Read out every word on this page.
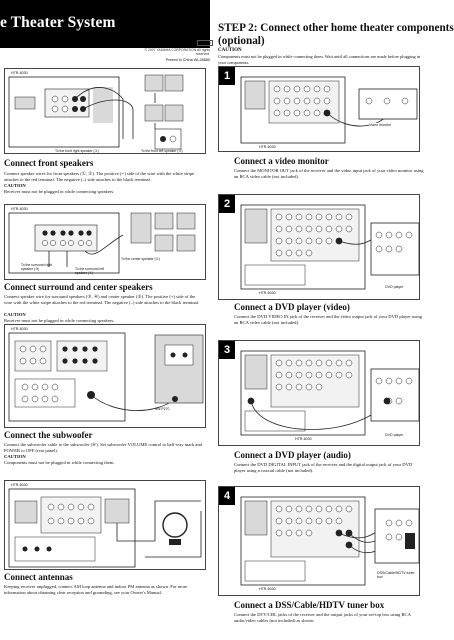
e Theater System
GB/AU
© 2007 YAMAHA CORPORATION All rights reserved.
Printed in China WL28880
STEP 2: Connect other home theater components
(optional)
CAUTION
Components must not be plugged in while connecting them. Wait until all connections are made before plugging in your components.
HTR-6030
To the front right speaker (①)	To the front left speaker (②)
Connect front speakers
Connect speaker wires for front speakers (①, ②). The positive (+) side of the wire with the white stripe attaches to the red terminal. The negative (–) side attaches to the black terminal.
CAUTION
Receiver must not be plugged in while connecting speakers.
HTR-6030
To the surround right speaker (③)	To the surround left speaker (④)
To the center speaker (⑤)
Connect surround and center speakers
Connect speaker wire for surround speakers (③, ④) and center speaker (⑤). The positive (+) side of the wire with the white stripe attaches to the red terminal. The negative (–) side attaches to the black terminal.
CAUTION
Receiver must not be plugged in while connecting speakers.
HTR-6030
SW-P270
Connect the subwoofer
Connect the subwoofer cable to the subwoofer (⑥). Set subwoofer VOLUME control to half-way mark and POWER to OFF (rear panel).
CAUTION
Components must not be plugged in while connecting them.
HTR-6030
Connect antennas
Keeping receiver unplugged, connect AM loop antenna and indoor FM antenna as shown. For more information about obtaining clear reception and grounding, see your Owner's Manual.
1
Video monitor
HTR-6030
Connect a video monitor
Connect the MONITOR OUT jack of the receiver and the video input jack of your video monitor using an RCA video cable (not included).
2
DVD player
HTR-6030
Connect a DVD player (video)
Connect the DVD VIDEO IN jack of the receiver and the video output jack of your DVD player using an RCA video cable (not included).
3
DVD player
HTR-6030
Connect a DVD player (audio)
Connect the DVD DIGITAL INPUT jack of the receiver and the digital output jack of your DVD player using a coaxial cable (not included).
4
DSS/Cable/HDTV tuner box
HTR-6030
Connect a DSS/Cable/HDTV tuner box
Connect the DTV/CBL jacks of the receiver and the output jacks of your set-top box using RCA audio/video cables (not included) as shown.
